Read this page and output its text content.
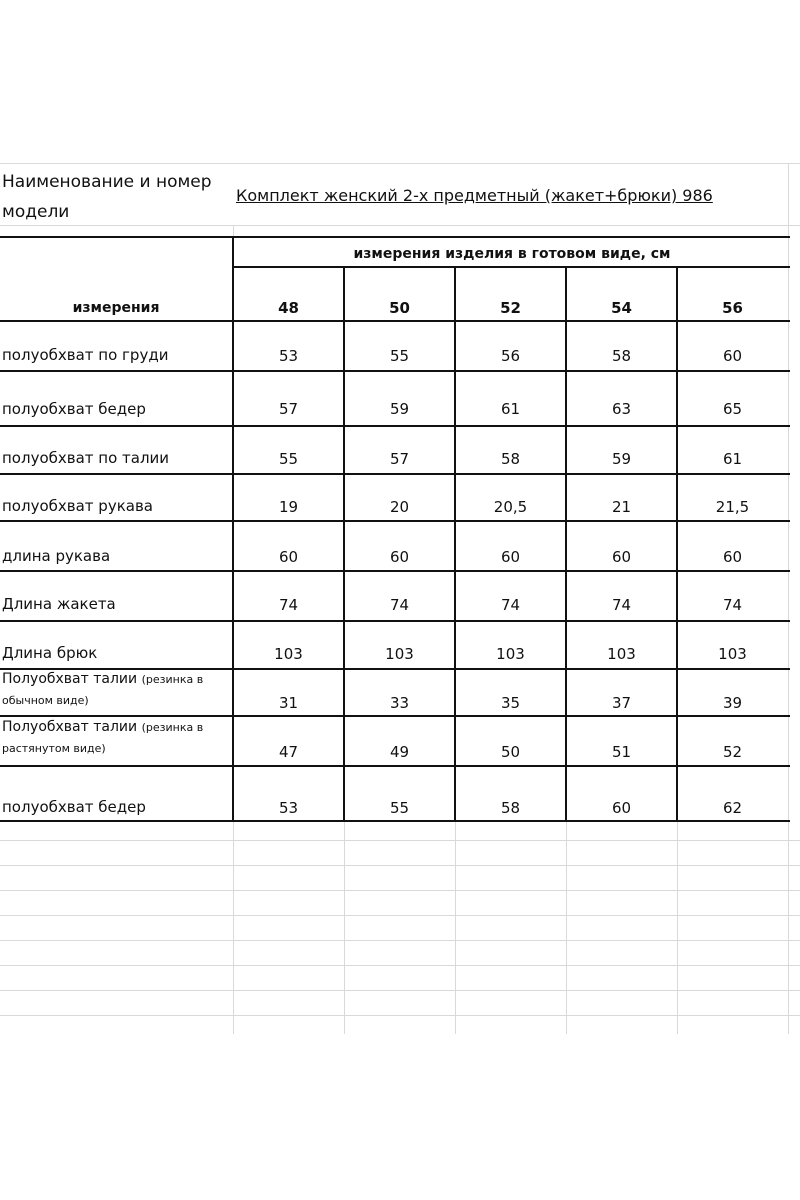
Наименование и номер
модели
Комплект женский 2-х предметный (жакет+брюки) 986
измерения изделия в готовом виде, см
измерения	48	50	52	54	56
полуобхват по груди	53	55	56	58	60
полуобхват бедер	57	59	61	63	65
полуобхват по талии	55	57	58	59	61
полуобхват рукава	19	20	20,5	21	21,5
длина рукава	60	60	60	60	60
Длина жакета	74	74	74	74	74
Длина брюк	103	103	103	103	103
Полуобхват талии (резинка в
обычном виде)	31	33	35	37	39
Полуобхват талии (резинка в
растянутом виде)	47	49	50	51	52
полуобхват бедер	53	55	58	60	62
